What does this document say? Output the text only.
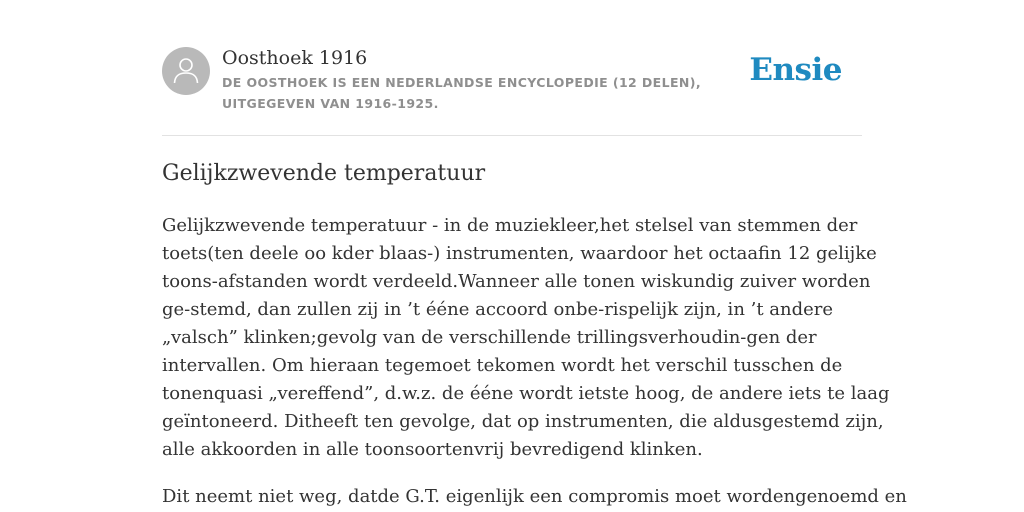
Oosthoek 1916
DE OOSTHOEK IS EEN NEDERLANDSE ENCYCLOPEDIE (12 DELEN), UITGEGEVEN VAN 1916-1925.
Ensie
Gelijkzwevende temperatuur

Gelijkzwevende temperatuur - in de muziekleer,het stelsel van stemmen der
toets(ten deele oo kder blaas-) instrumenten, waardoor het octaafin 12 gelijke
toons-afstanden wordt verdeeld.Wanneer alle tonen wiskundig zuiver worden
ge-stemd, dan zullen zij in ’t éénе accoord onbe-rispelijk zijn, in ’t andere
„valsch” klinken;gevolg van de verschillende trillingsverhoudin-gen der
intervallen. Om hieraan tegemoet tekomen wordt het verschil tusschen de
tonenquasi „vereffend”, d.w.z. de éénе wordt ietste hoog, de andere iets te laag
geïntoneerd. Ditheeft ten gevolge, dat op instrumenten, die aldusgestemd zijn,
alle akkoorden in alle toonsoortenvrij bevredigend klinken.

Dit neemt niet weg, datde G.T. eigenlijk een compromis moet wordengenoemd en
